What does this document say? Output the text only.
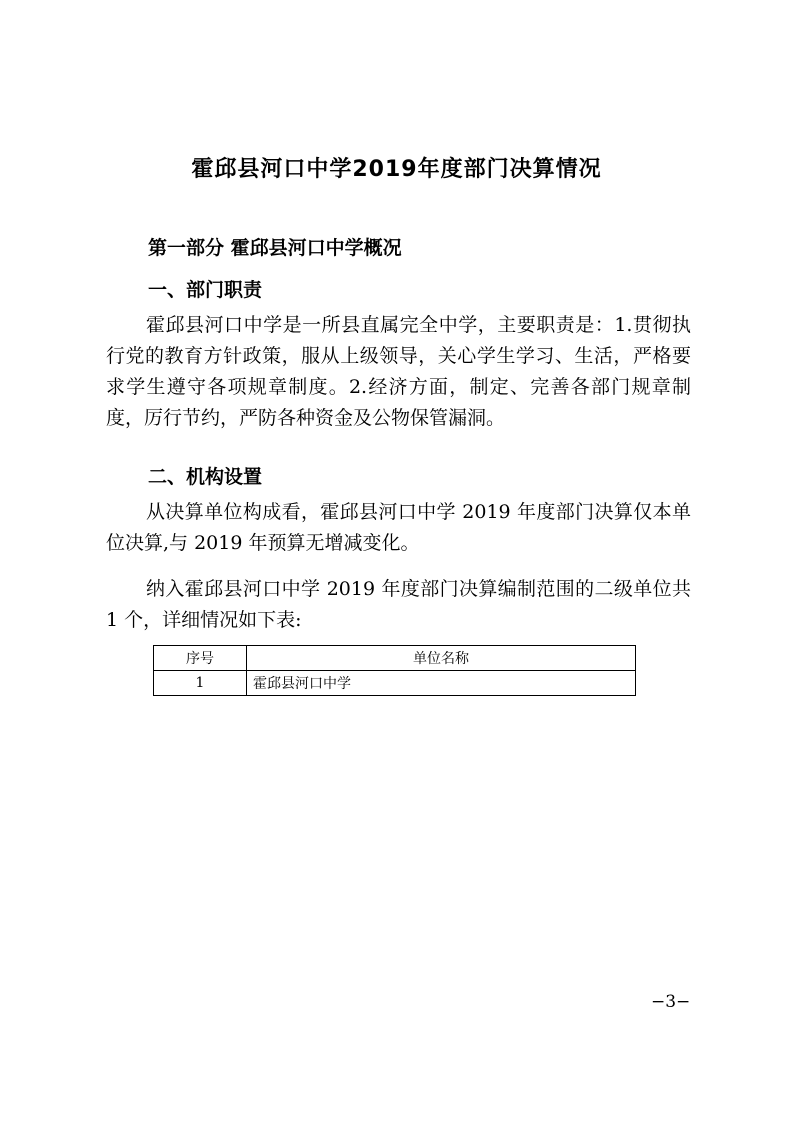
霍邱县河口中学2019年度部门决算情况
第一部分 霍邱县河口中学概况
一、部门职责
霍邱县河口中学是一所县直属完全中学，主要职责是：1.贯彻执行党的教育方针政策，服从上级领导，关心学生学习、生活，严格要求学生遵守各项规章制度。2.经济方面，制定、完善各部门规章制度，厉行节约，严防各种资金及公物保管漏洞。
二、机构设置
从决算单位构成看，霍邱县河口中学 2019 年度部门决算仅本单位决算,与 2019 年预算无增减变化。
纳入霍邱县河口中学 2019 年度部门决算编制范围的二级单位共 1 个，详细情况如下表:
序号	单位名称
1	霍邱县河口中学
−3−
